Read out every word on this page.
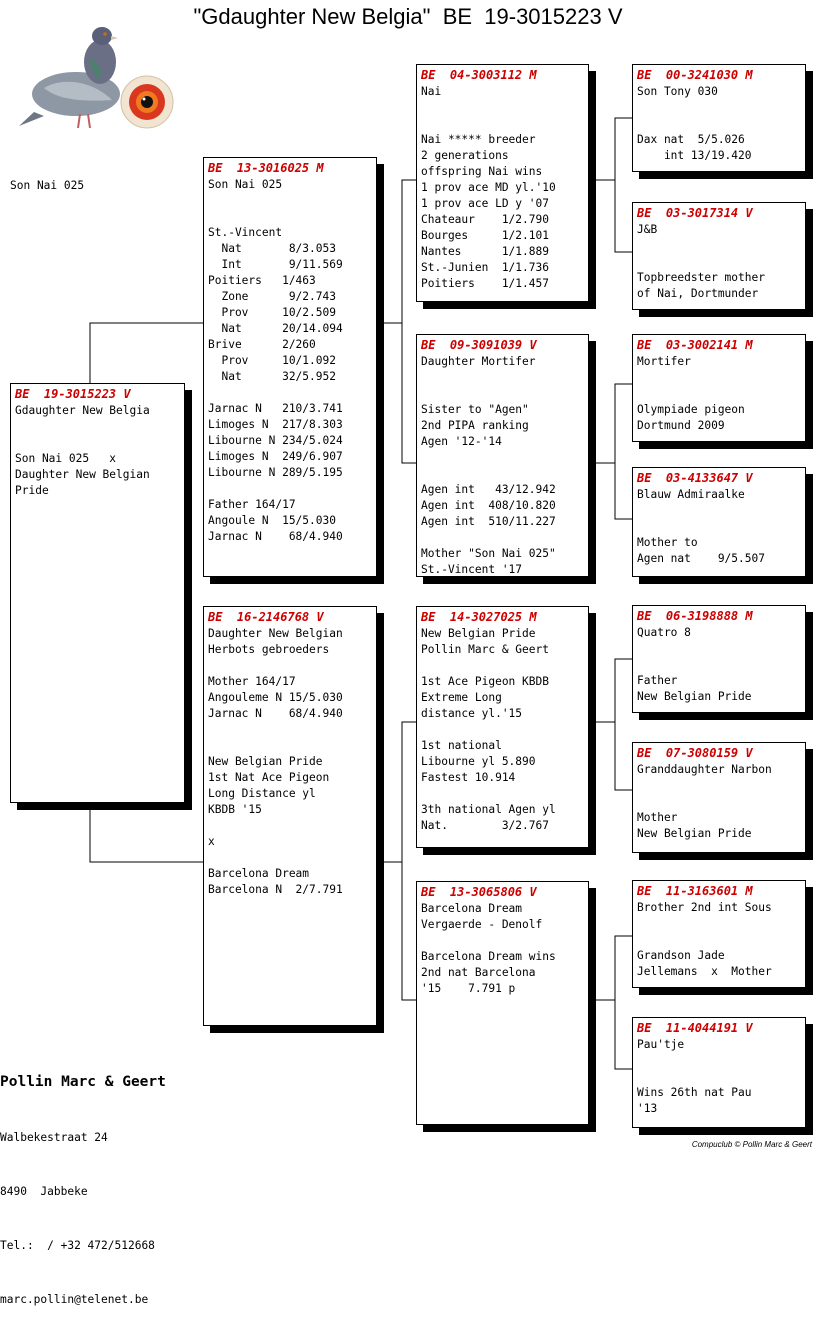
"Gdaughter New Belgia"  BE  19-3015223 V
Son Nai 025
BE  19-3015223 V
Gdaughter New Belgia

Son Nai 025   x
Daughter New Belgian
Pride
BE  13-3016025 M
Son Nai 025

St.-Vincent
Nat       8/3.053
Int       9/11.569
Poitiers   1/463
Zone      9/2.743
Prov     10/2.509
Nat      20/14.094
Brive      2/260
Prov     10/1.092
Nat      32/5.952

Jarnac N   210/3.741
Limoges N  217/8.303
Libourne N 234/5.024
Limoges N  249/6.907
Libourne N 289/5.195

Father 164/17
Angoule N  15/5.030
Jarnac N    68/4.940
BE  16-2146768 V
Daughter New Belgian
Herbots gebroeders

Mother 164/17
Angouleme N 15/5.030
Jarnac N    68/4.940

New Belgian Pride
1st Nat Ace Pigeon
Long Distance yl
KBDB '15

x

Barcelona Dream
Barcelona N  2/7.791
BE  04-3003112 M
Nai

Nai ***** breeder
2 generations
offspring Nai wins
1 prov ace MD yl.'10
1 prov ace LD y '07
Chateaur    1/2.790
Bourges     1/2.101
Nantes      1/1.889
St.-Junien  1/1.736
Poitiers    1/1.457
BE  09-3091039 V
Daughter Mortifer

Sister to "Agen"
2nd PIPA ranking
Agen '12-'14

Agen int   43/12.942
Agen int  408/10.820
Agen int  510/11.227

Mother "Son Nai 025"
St.-Vincent '17
BE  14-3027025 M
New Belgian Pride
Pollin Marc & Geert

1st Ace Pigeon KBDB
Extreme Long
distance yl.'15

1st national
Libourne yl 5.890
Fastest 10.914

3th national Agen yl
Nat.        3/2.767
BE  13-3065806 V
Barcelona Dream
Vergaerde - Denolf

Barcelona Dream wins
2nd nat Barcelona
'15    7.791 p
BE  00-3241030 M
Son Tony 030

Dax nat  5/5.026
int 13/19.420
BE  03-3017314 V
J&B

Topbreedster mother
of Nai, Dortmunder
BE  03-3002141 M
Mortifer

Olympiade pigeon
Dortmund 2009
BE  03-4133647 V
Blauw Admiraalke

Mother to
Agen nat    9/5.507
BE  06-3198888 M
Quatro 8

Father
New Belgian Pride
BE  07-3080159 V
Granddaughter Narbon

Mother
New Belgian Pride
BE  11-3163601 M
Brother 2nd int Sous

Grandson Jade
Jellemans  x  Mother
BE  11-4044191 V
Pau'tje

Wins 26th nat Pau
'13

Pollin Marc & Geert

Walbekestraat 24

8490  Jabbeke

Tel.:  / +32 472/512668

marc.pollin@telenet.be

Compuclub © Pollin Marc & Geert
